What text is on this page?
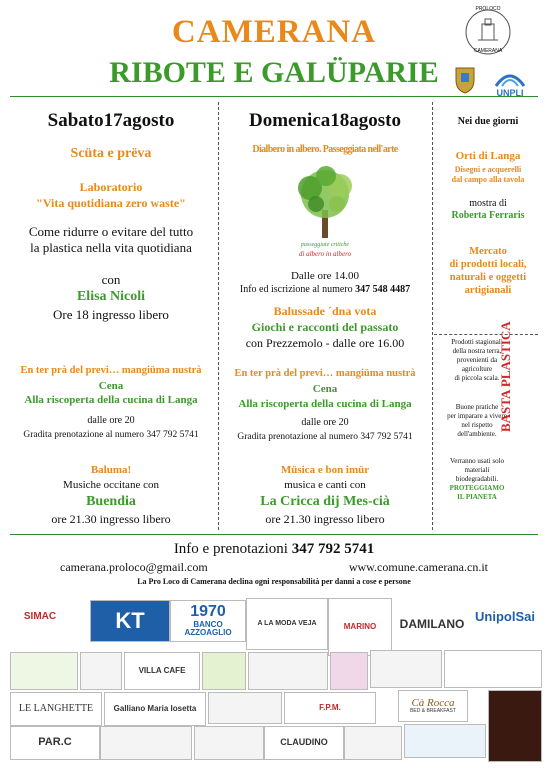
CAMERANA
RIBOTE E GALÜPARIE
PROLOCO
CAMERANA
UNPLI
Sabato17agosto
Scüta e prëva
Laboratorio
"Vita quotidiana zero waste"
Come ridurre o evitare del tutto
la plastica nella vita quotidiana
con
Elisa Nicoli
Ore 18 ingresso libero
En ter prà del previ… mangiüma nustrà
Cena
Alla riscoperta della cucina di Langa
dalle ore 20
Gradita prenotazione al numero 347 792 5741
Baluma!
Musiche occitane con
Buendia
ore 21.30 ingresso libero
Domenica18agosto
Dialbero in albero. Passeggiata nell'arte
passeggiate critiche
di albero in albero
Dalle ore 14.00
Info ed iscrizione al numero 347 548 4487
Balussade ´dna vota
Giochi e racconti del passato
con Prezzemolo - dalle ore 16.00
En ter prà del previ… mangiüma nustrà
Cena
Alla riscoperta della cucina di Langa
dalle ore 20
Gradita prenotazione al numero 347 792 5741
Müsica e bon imür
musica e canti con
La Cricca dij Mes-cià
ore 21.30 ingresso libero
Nei due giorni
Orti di Langa
Disegni e acquerelli
dal campo alla tavola
mostra di
Roberta Ferraris
Mercato
di prodotti locali,
naturali e oggetti
artigianali
Prodotti stagionali
della nostra terra,
provenienti da
agricolture
di piccola scala.
Buone pratiche
per imparare a vivere
nel rispetto
dell'ambiente.
Verranno usati solo
materiali
biodegradabili.
PROTEGGIAMO
IL PIANETA
BASTA PLASTICA
Info e prenotazioni 347 792 5741
camerana.proloco@gmail.com	www.comune.camerana.cn.it
La Pro Loco di Camerana declina ogni responsabilità per danni a cose e persone
SIMAC	KT	1970
BANCO
AZZOAGLIO
A LA MODA VEJA	MARINO DAMILANO UnipolSai
VILLA CAFE
LE LANGHETTE	Galliano Maria Iosetta	F.P.M.	Cà Rocca
BED & BREAKFAST
PAR.C	CLAUDINO
